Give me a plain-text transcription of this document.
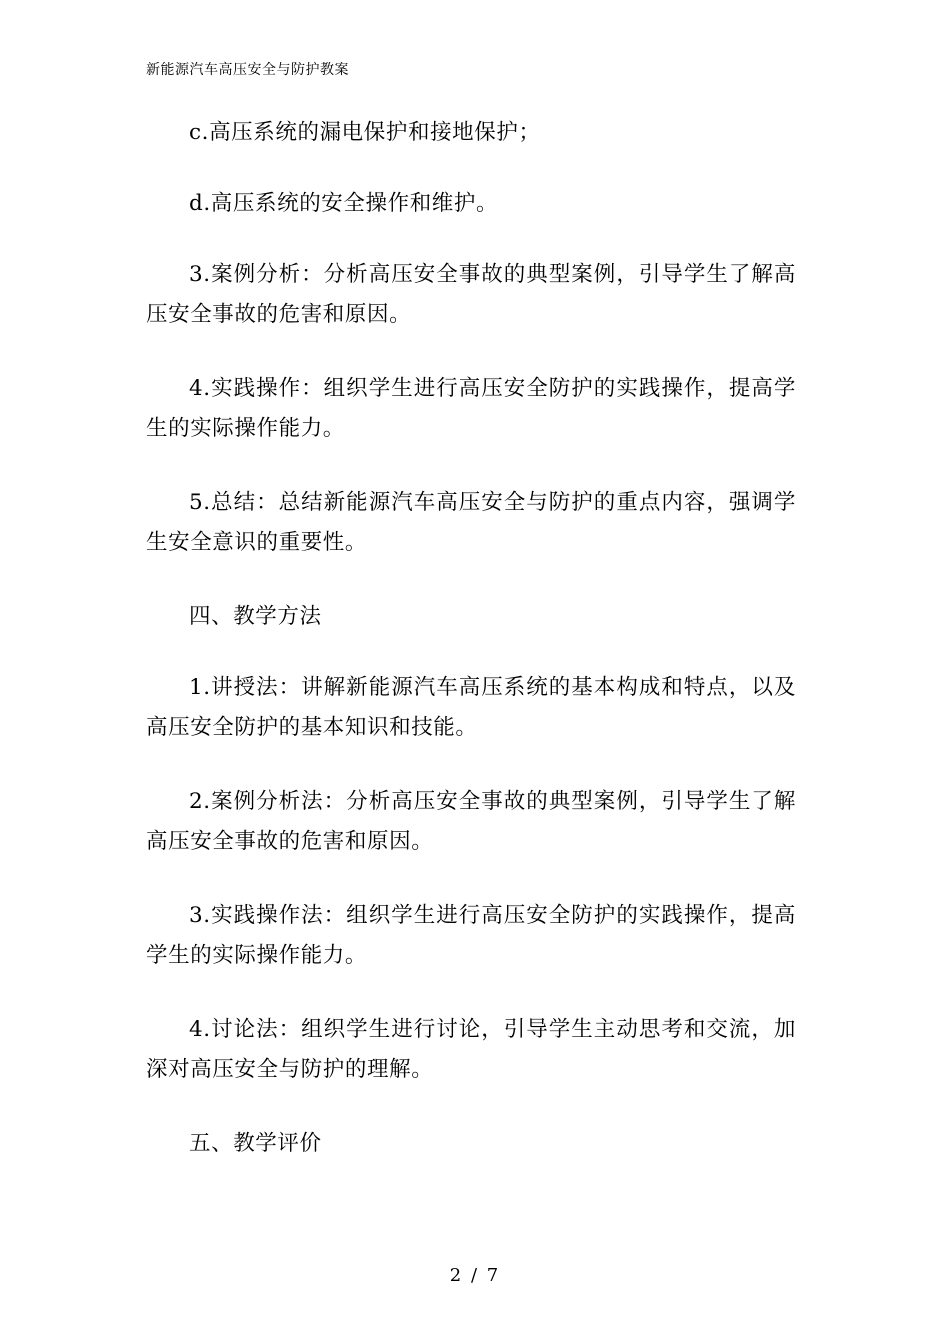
新能源汽车高压安全与防护教案

c.高压系统的漏电保护和接地保护；

d.高压系统的安全操作和维护。

3.案例分析：分析高压安全事故的典型案例，引导学生了解高压安全事故的危害和原因。

4.实践操作：组织学生进行高压安全防护的实践操作，提高学生的实际操作能力。

5.总结：总结新能源汽车高压安全与防护的重点内容，强调学生安全意识的重要性。

四、教学方法

1.讲授法：讲解新能源汽车高压系统的基本构成和特点，以及高压安全防护的基本知识和技能。

2.案例分析法：分析高压安全事故的典型案例，引导学生了解高压安全事故的危害和原因。

3.实践操作法：组织学生进行高压安全防护的实践操作，提高学生的实际操作能力。

4.讨论法：组织学生进行讨论，引导学生主动思考和交流，加深对高压安全与防护的理解。

五、教学评价

2 / 7
